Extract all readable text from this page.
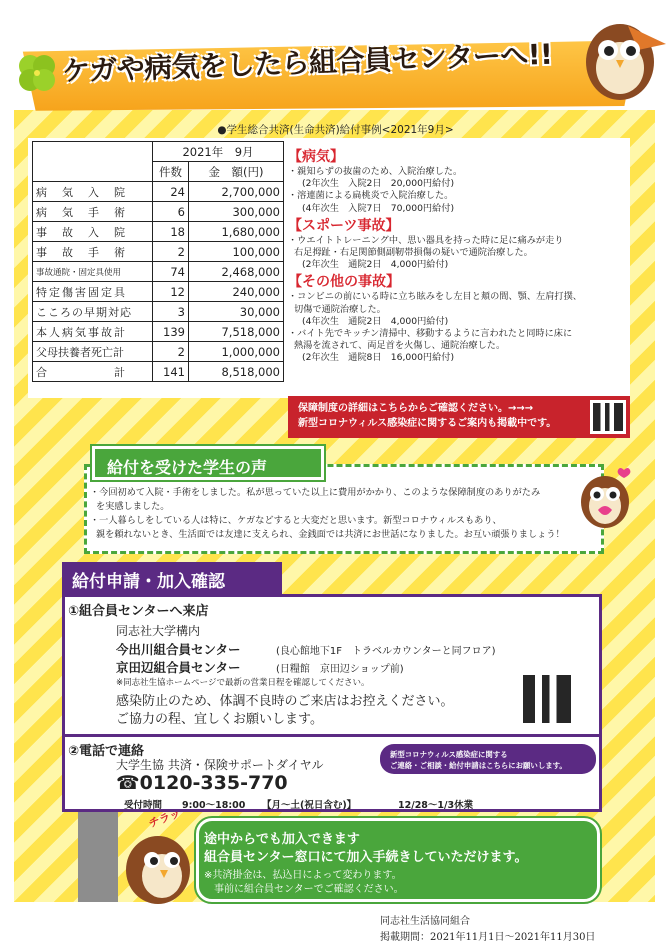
ケガや病気をしたら組合員センターへ!!
●学生総合共済(生命共済)給付事例<2021年9月>
	2021年　9月	
	件数	金　額(円)
病　気　入　院	24	2,700,000
病　気　手　術	6	300,000
事　故　入　院	18	1,680,000
事　故　手　術	2	100,000
事故通院・固定具使用	74	2,468,000
特定傷害固定具	12	240,000
こころの早期対応	3	30,000
本人病気事故計	139	7,518,000
父母扶養者死亡計	2	1,000,000
合　　　　　計	141	8,518,000
【病気】
・親知らずの抜歯のため、入院治療した。
(2年次生　入院2日　20,000円給付)
・溶連菌による扁桃炎で入院治療した。
(4年次生　入院7日　70,000円給付)
【スポーツ事故】
・ウエイトトレーニング中、思い器具を持った時に足に痛みが走り
右足拇趾・右足関節側副靭帯損傷の疑いで通院治療した。
(2年次生　通院2日　4,000円給付)
【その他の事故】
・コンビニの前にいる時に立ち眩みをし左目と頬の間、顎、左肩打撲、
切傷で通院治療した。
(4年次生　通院2日　4,000円給付)
・バイト先でキッチン清掃中、移動するように言われたと同時に床に
熱湯を流されて、両足首を火傷し、通院治療した。
(2年次生　通院8日　16,000円給付)
保障制度の詳細はこちらからご確認ください。→→→
新型コロナウィルス感染症に関するご案内も掲載中です。
給付を受けた学生の声
・今回初めて入院・手術をしました。私が思っていた以上に費用がかかり、このような保障制度のありがたみ
を実感しました。
・一人暮らしをしている人は特に、ケガなどすると大変だと思います。新型コロナウィルスもあり、
親を頼れないとき、生活面では友達に支えられ、金銭面では共済にお世話になりました。お互い頑張りましょう！
給付申請・加入確認
①組合員センターへ来店
同志社大学構内
今出川組合員センター	(良心館地下1F　トラベルカウンターと同フロア)
京田辺組合員センター	(日糧館　京田辺ショップ前)
※同志社生協ホームページで最新の営業日程を確認してください。
感染防止のため、体調不良時のご来店はお控えください。
ご協力の程、宜しくお願いします。
②電話で連絡
大学生協 共済・保険サポートダイヤル
☎0120-335-770
受付時間 9:00～18:00 【月～土(祝日含む)】	12/28～1/3休業
新型コロナウィルス感染症に関する
ご連絡・ご相談・給付申請はこちらにお願いします。
チラッ
途中からでも加入できます
組合員センター窓口にて加入手続きしていただけます。
※共済掛金は、払込日によって変わります。
事前に組合員センターでご確認ください。
同志社生活協同組合
掲載期間：2021年11月1日～2021年11月30日
